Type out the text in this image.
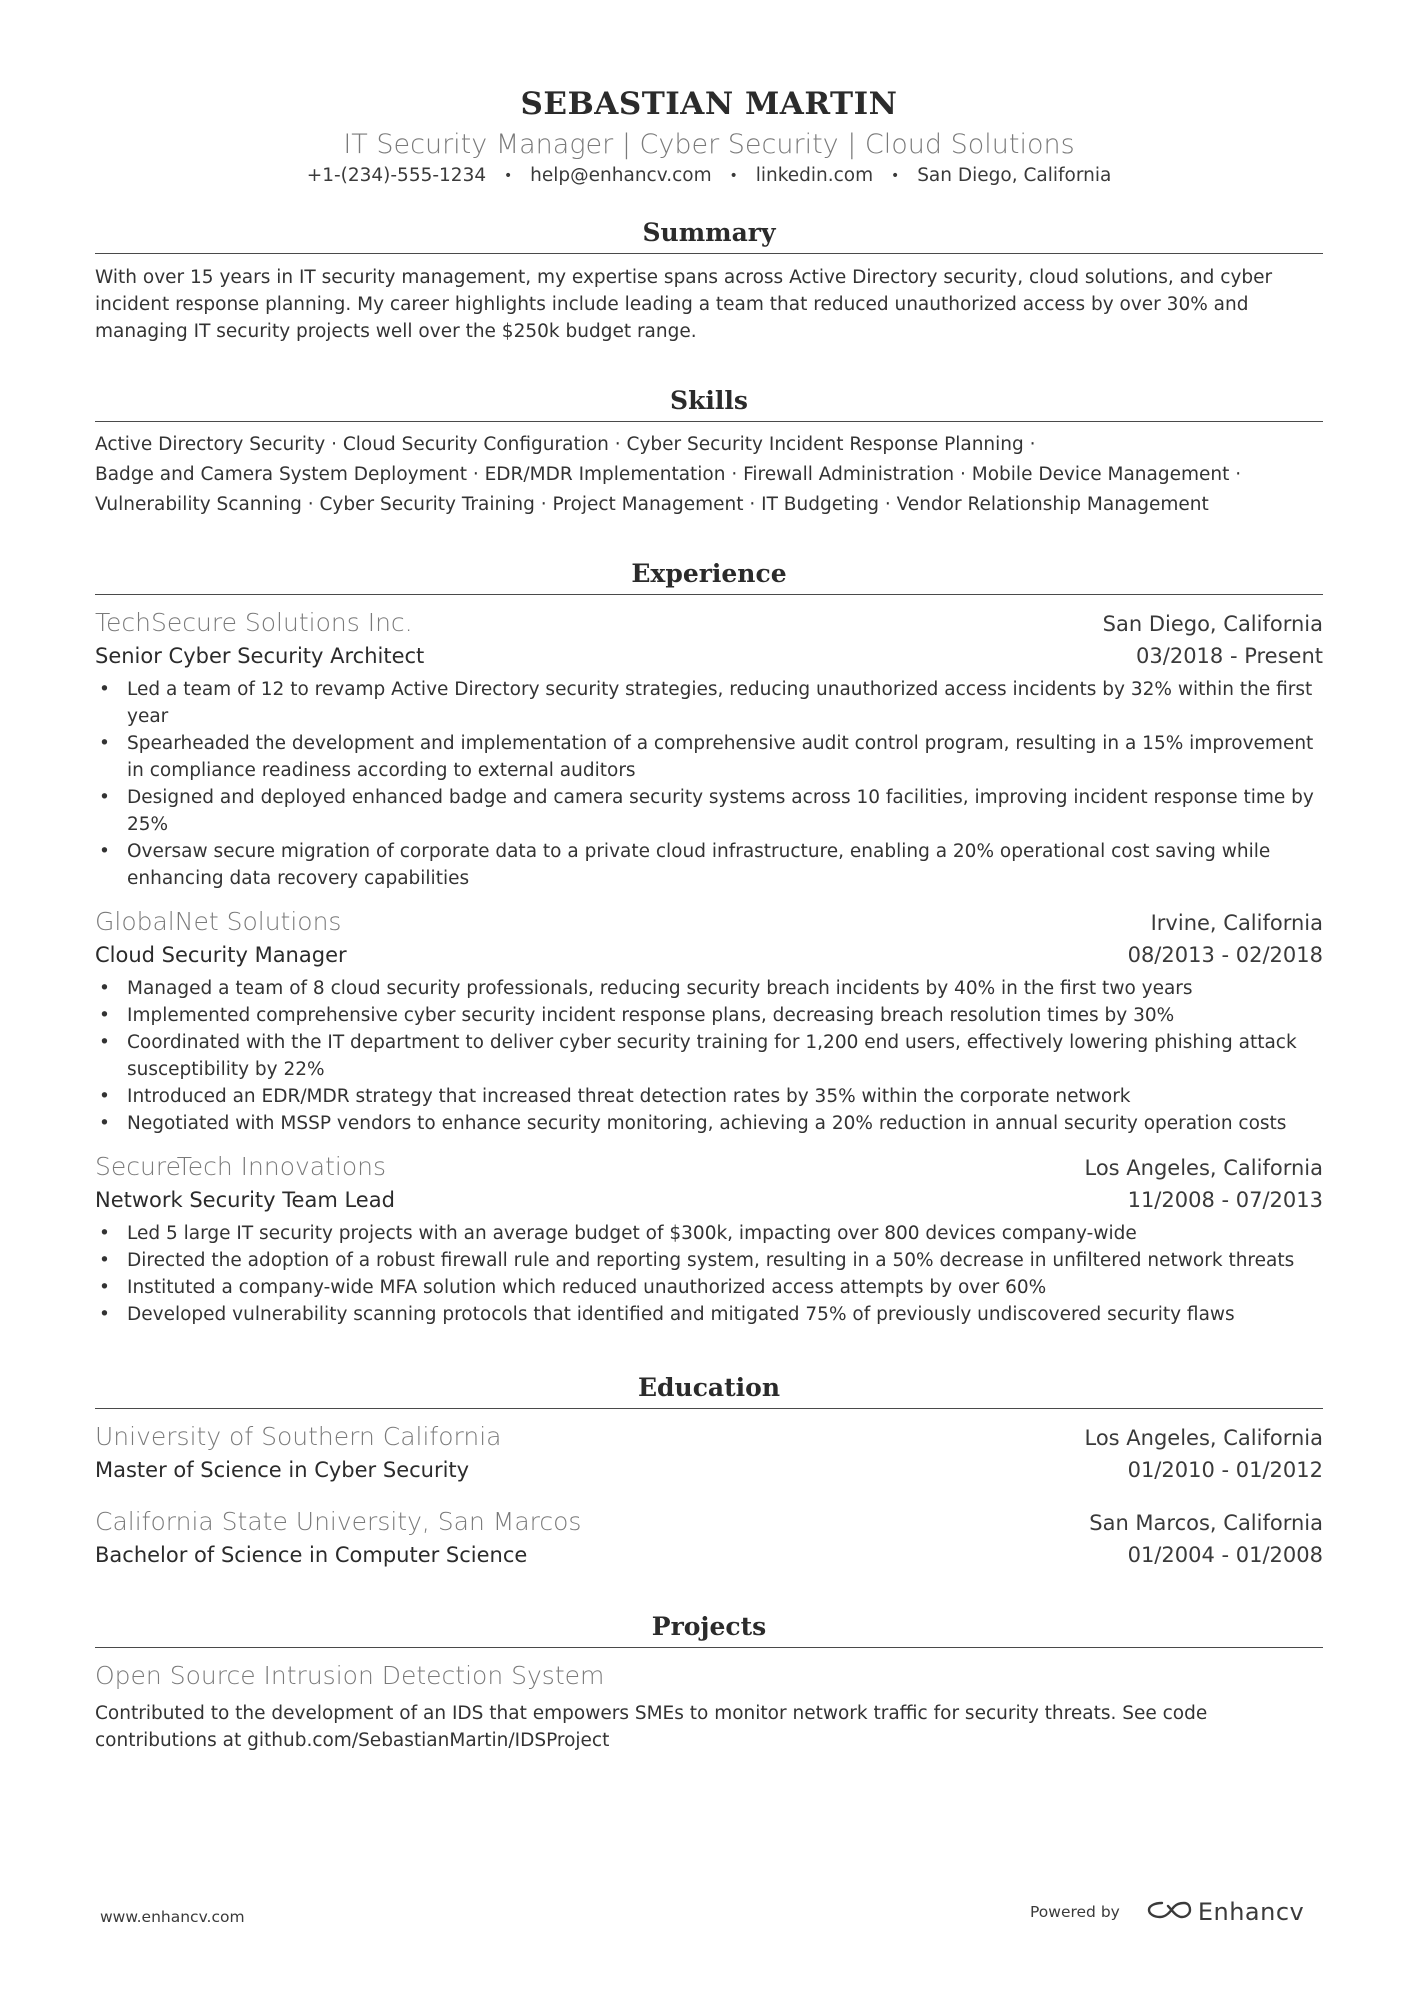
SEBASTIAN MARTIN
IT Security Manager | Cyber Security | Cloud Solutions
+1-(234)-555-1234 • help@enhancv.com • linkedin.com • San Diego, California
Summary
With over 15 years in IT security management, my expertise spans across Active Directory security, cloud solutions, and cyber incident response planning. My career highlights include leading a team that reduced unauthorized access by over 30% and managing IT security projects well over the $250k budget range.
Skills
Active Directory Security · Cloud Security Configuration · Cyber Security Incident Response Planning ·
Badge and Camera System Deployment · EDR/MDR Implementation · Firewall Administration · Mobile Device Management ·
Vulnerability Scanning · Cyber Security Training · Project Management · IT Budgeting · Vendor Relationship Management
Experience
TechSecure Solutions Inc.	San Diego, California
Senior Cyber Security Architect	03/2018 - Present
• Led a team of 12 to revamp Active Directory security strategies, reducing unauthorized access incidents by 32% within the first year
• Spearheaded the development and implementation of a comprehensive audit control program, resulting in a 15% improvement in compliance readiness according to external auditors
• Designed and deployed enhanced badge and camera security systems across 10 facilities, improving incident response time by 25%
• Oversaw secure migration of corporate data to a private cloud infrastructure, enabling a 20% operational cost saving while enhancing data recovery capabilities
GlobalNet Solutions	Irvine, California
Cloud Security Manager	08/2013 - 02/2018
• Managed a team of 8 cloud security professionals, reducing security breach incidents by 40% in the first two years
• Implemented comprehensive cyber security incident response plans, decreasing breach resolution times by 30%
• Coordinated with the IT department to deliver cyber security training for 1,200 end users, effectively lowering phishing attack susceptibility by 22%
• Introduced an EDR/MDR strategy that increased threat detection rates by 35% within the corporate network
• Negotiated with MSSP vendors to enhance security monitoring, achieving a 20% reduction in annual security operation costs
SecureTech Innovations	Los Angeles, California
Network Security Team Lead	11/2008 - 07/2013
• Led 5 large IT security projects with an average budget of $300k, impacting over 800 devices company-wide
• Directed the adoption of a robust firewall rule and reporting system, resulting in a 50% decrease in unfiltered network threats
• Instituted a company-wide MFA solution which reduced unauthorized access attempts by over 60%
• Developed vulnerability scanning protocols that identified and mitigated 75% of previously undiscovered security flaws
Education
University of Southern California	Los Angeles, California
Master of Science in Cyber Security	01/2010 - 01/2012
California State University, San Marcos	San Marcos, California
Bachelor of Science in Computer Science	01/2004 - 01/2008
Projects
Open Source Intrusion Detection System
Contributed to the development of an IDS that empowers SMEs to monitor network traffic for security threats. See code contributions at github.com/SebastianMartin/IDSProject
www.enhancv.com	Powered by	Enhancv
